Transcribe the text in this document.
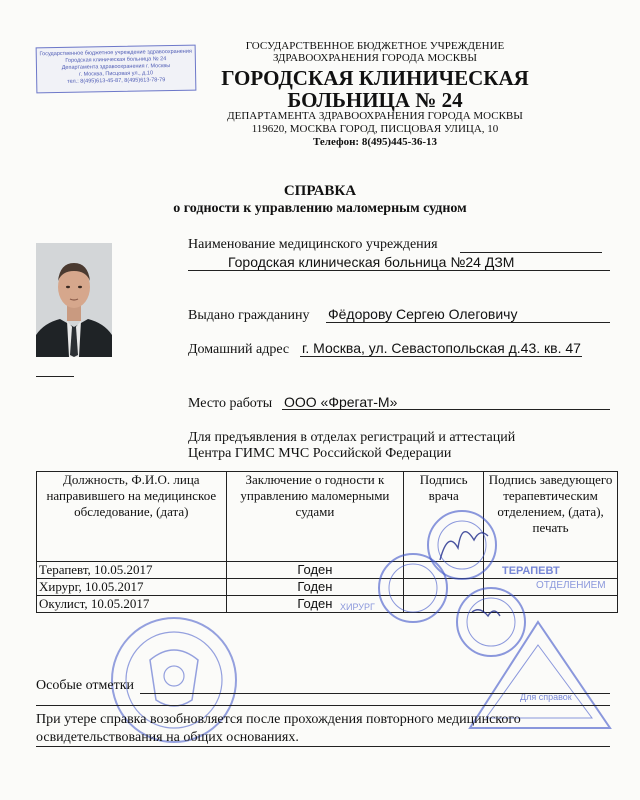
Государственное бюджетное учреждение здравоохранения
Городская клиническая больница № 24
Департамента здравоохранения г. Москвы
г. Москва, Писцовая ул., д.10
тел.: 8(495)613-45-87, 8(495)613-78-79
ГОСУДАРСТВЕННОЕ БЮДЖЕТНОЕ УЧРЕЖДЕНИЕ
ЗДРАВООХРАНЕНИЯ ГОРОДА МОСКВЫ
ГОРОДСКАЯ КЛИНИЧЕСКАЯ
БОЛЬНИЦА № 24
ДЕПАРТАМЕНТА ЗДРАВООХРАНЕНИЯ ГОРОДА МОСКВЫ
119620, МОСКВА ГОРОД, ПИСЦОВАЯ УЛИЦА, 10
Телефон: 8(495)445-36-13
СПРАВКА
о годности к управлению маломерным судном
Наименование медицинского учреждения
Городская клиническая больница №24 ДЗМ
Выдано гражданину Фёдорову Сергею Олеговичу
Домашний адрес г. Москва, ул. Севастопольская д.43. кв. 47
Место работы ООО «Фрегат-М»
Для предъявления в отделах регистраций и аттестаций
Центра ГИМС МЧС Российской Федерации
Должность, Ф.И.О. лица направившего на медицинское обследование, (дата)	Заключение о годности к управлению маломерными судами	Подпись врача	Подпись заведующего терапевтическим отделением, (дата), печать
Терапевт, 10.05.2017	Годен		
Хирург, 10.05.2017	Годен		
Окулист, 10.05.2017	Годен		
ТЕРАПЕВТ
ОТДЕЛЕНИЕМ
Для справок
ХИРУРГ
Особые отметки
При утере справка возобновляется после прохождения повторного медицинского
освидетельствования на общих основаниях.
